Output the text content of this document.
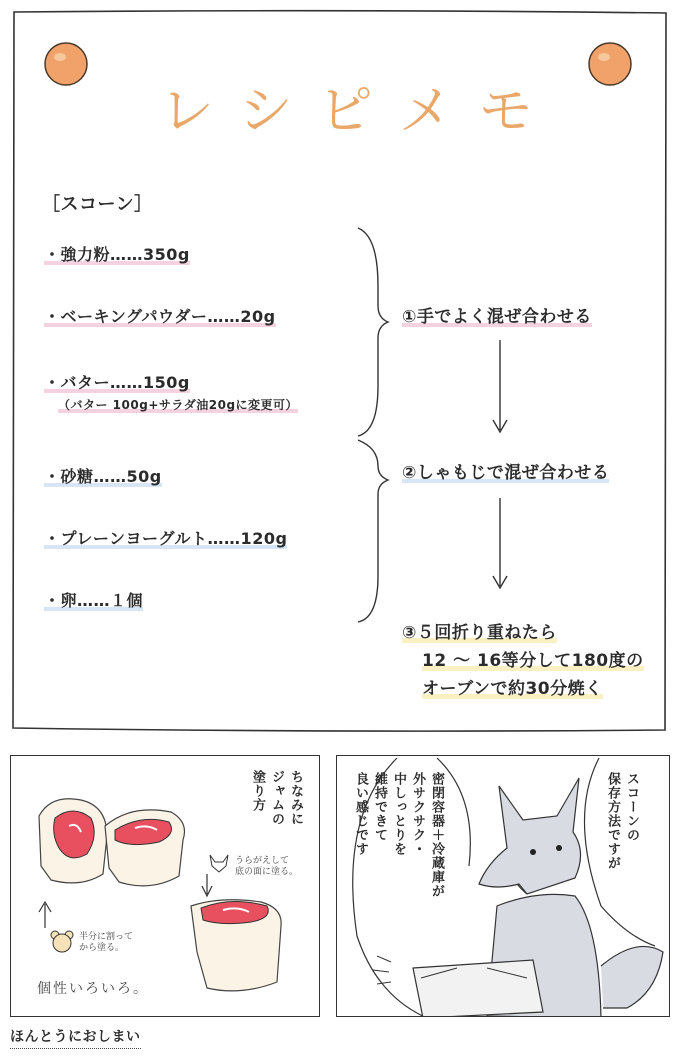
レシピメモ
［スコーン］
・強力粉……350g
・ベーキングパウダー……20g
・バター……150g
（バター 100g+サラダ油20gに変更可）
・砂糖……50g
・プレーンヨーグルト……120g
・卵……１個
①手でよく混ぜ合わせる
②しゃもじで混ぜ合わせる
③５回折り重ねたら
12 〜 16等分して180度の
オーブンで約30分焼く
ちなみに
ジャムの
塗り方
うらがえして
底の面に塗る。
半分に割って
から塗る。
個性いろいろ。
スコーンの
保存方法ですが
密閉容器＋冷蔵庫が
外サクサク・
中しっとりを
維持できて
良い感じです
ほんとうにおしまい
